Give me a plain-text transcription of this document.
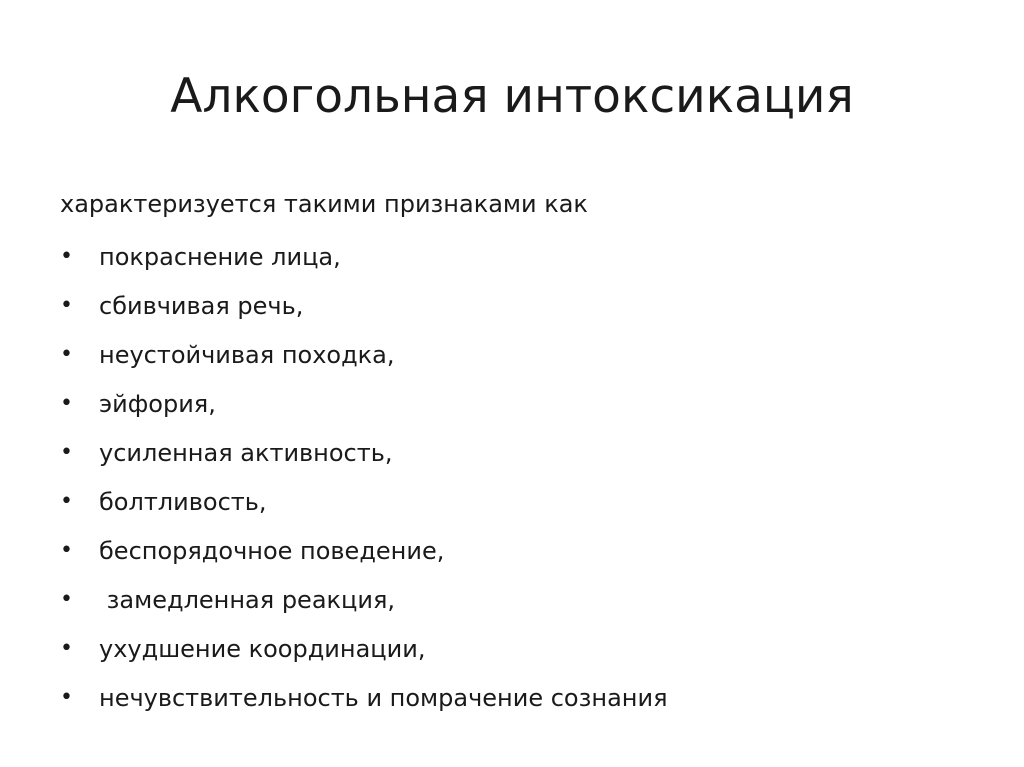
Алкогольная интоксикация

характеризуется такими признаками как

• покраснение лица,
• сбивчивая речь,
• неустойчивая походка,
• эйфория,
• усиленная активность,
• болтливость,
• беспорядочное поведение,
• замедленная реакция,
• ухудшение координации,
• нечувствительность и помрачение сознания
